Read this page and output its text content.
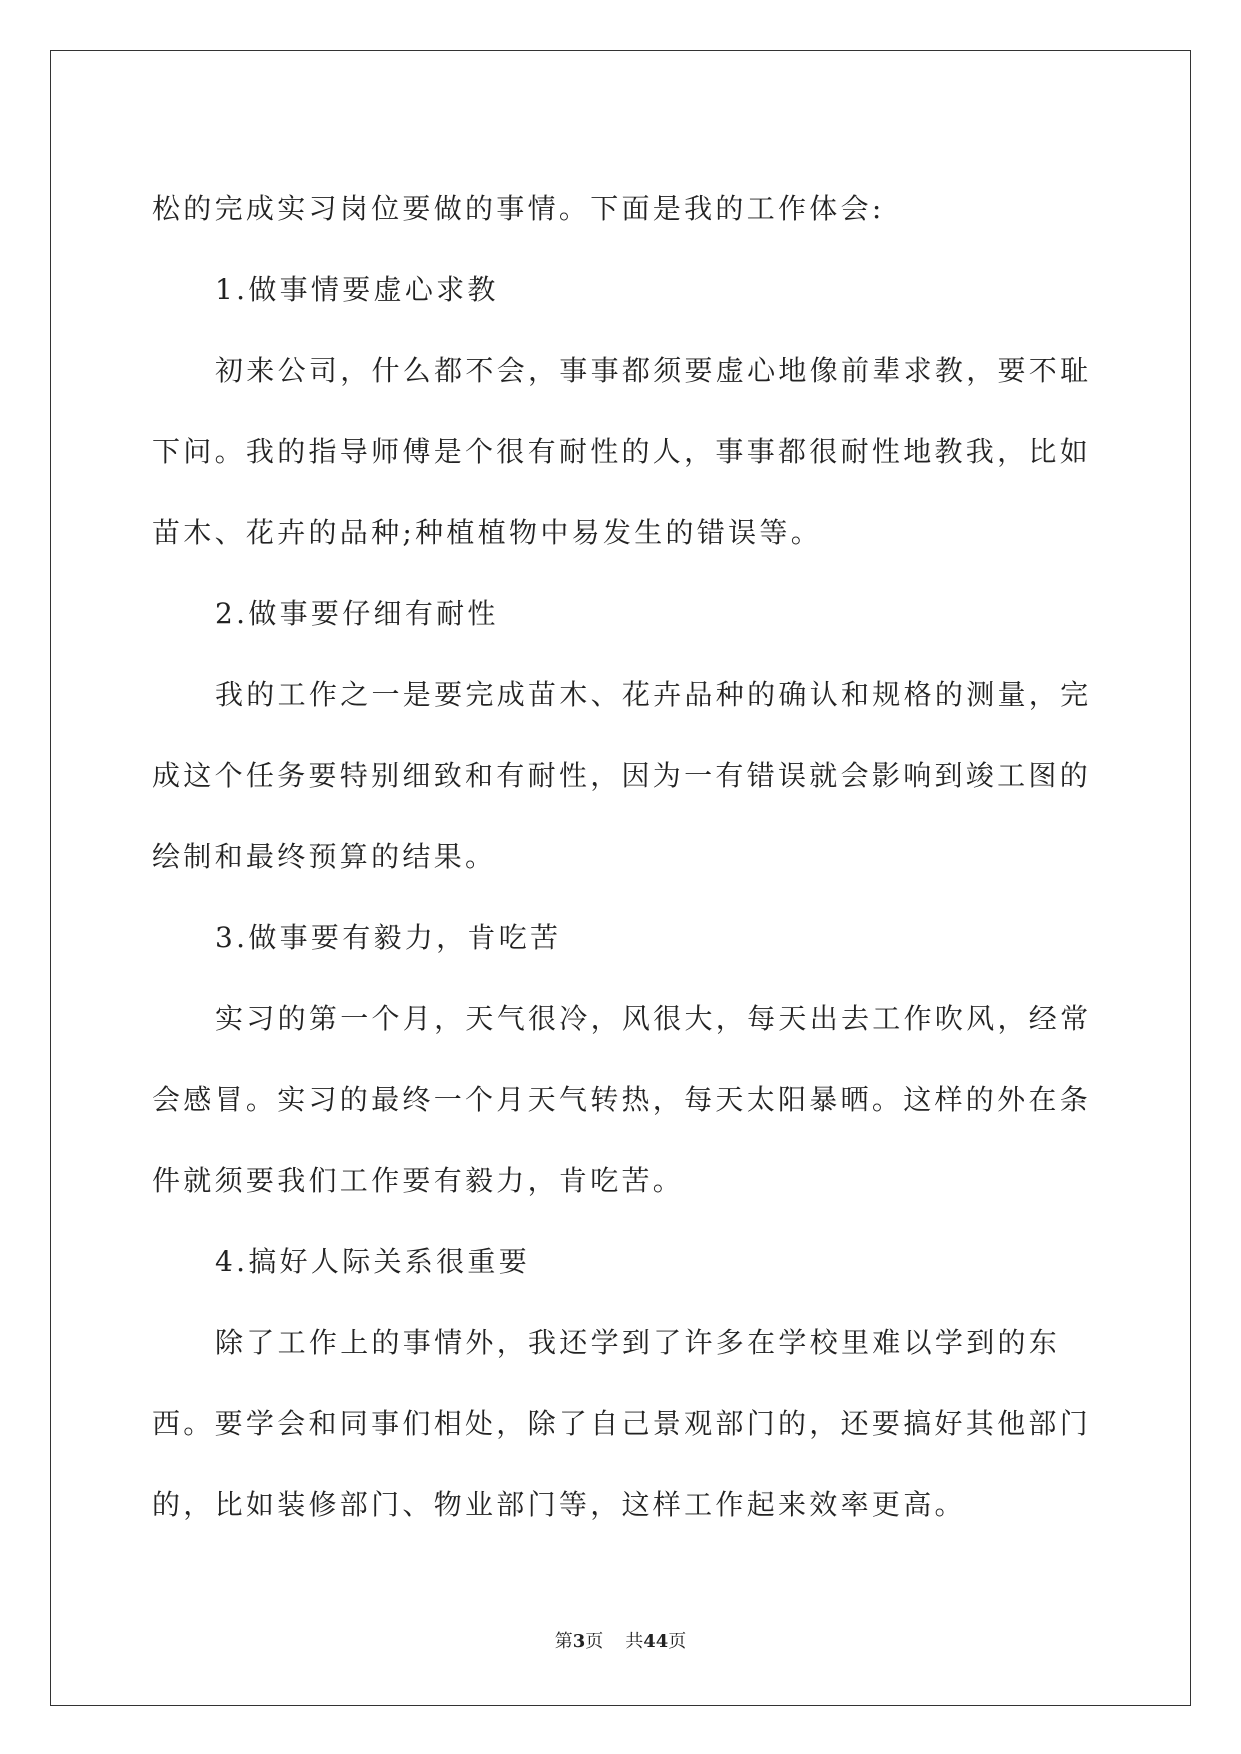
松的完成实习岗位要做的事情。下面是我的工作体会:

1.做事情要虚心求教

初来公司，什么都不会，事事都须要虚心地像前辈求教，要不耻下问。我的指导师傅是个很有耐性的人，事事都很耐性地教我，比如苗木、花卉的品种;种植植物中易发生的错误等。

2.做事要仔细有耐性

我的工作之一是要完成苗木、花卉品种的确认和规格的测量，完成这个任务要特别细致和有耐性，因为一有错误就会影响到竣工图的绘制和最终预算的结果。

3.做事要有毅力，肯吃苦

实习的第一个月，天气很冷，风很大，每天出去工作吹风，经常会感冒。实习的最终一个月天气转热，每天太阳暴晒。这样的外在条件就须要我们工作要有毅力，肯吃苦。

4.搞好人际关系很重要

除了工作上的事情外，我还学到了许多在学校里难以学到的东西。要学会和同事们相处，除了自己景观部门的，还要搞好其他部门的，比如装修部门、物业部门等，这样工作起来效率更高。

第3页 共44页
